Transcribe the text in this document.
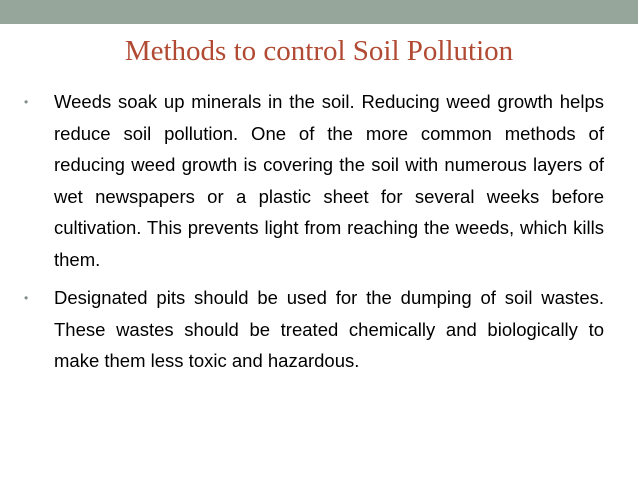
Methods to control Soil Pollution
• Weeds soak up minerals in the soil. Reducing weed growth helps reduce soil pollution. One of the more common methods of reducing weed growth is covering the soil with numerous layers of wet newspapers or a plastic sheet for several weeks before cultivation. This prevents light from reaching the weeds, which kills them.
• Designated pits should be used for the dumping of soil wastes. These wastes should be treated chemically and biologically to make them less toxic and hazardous.
